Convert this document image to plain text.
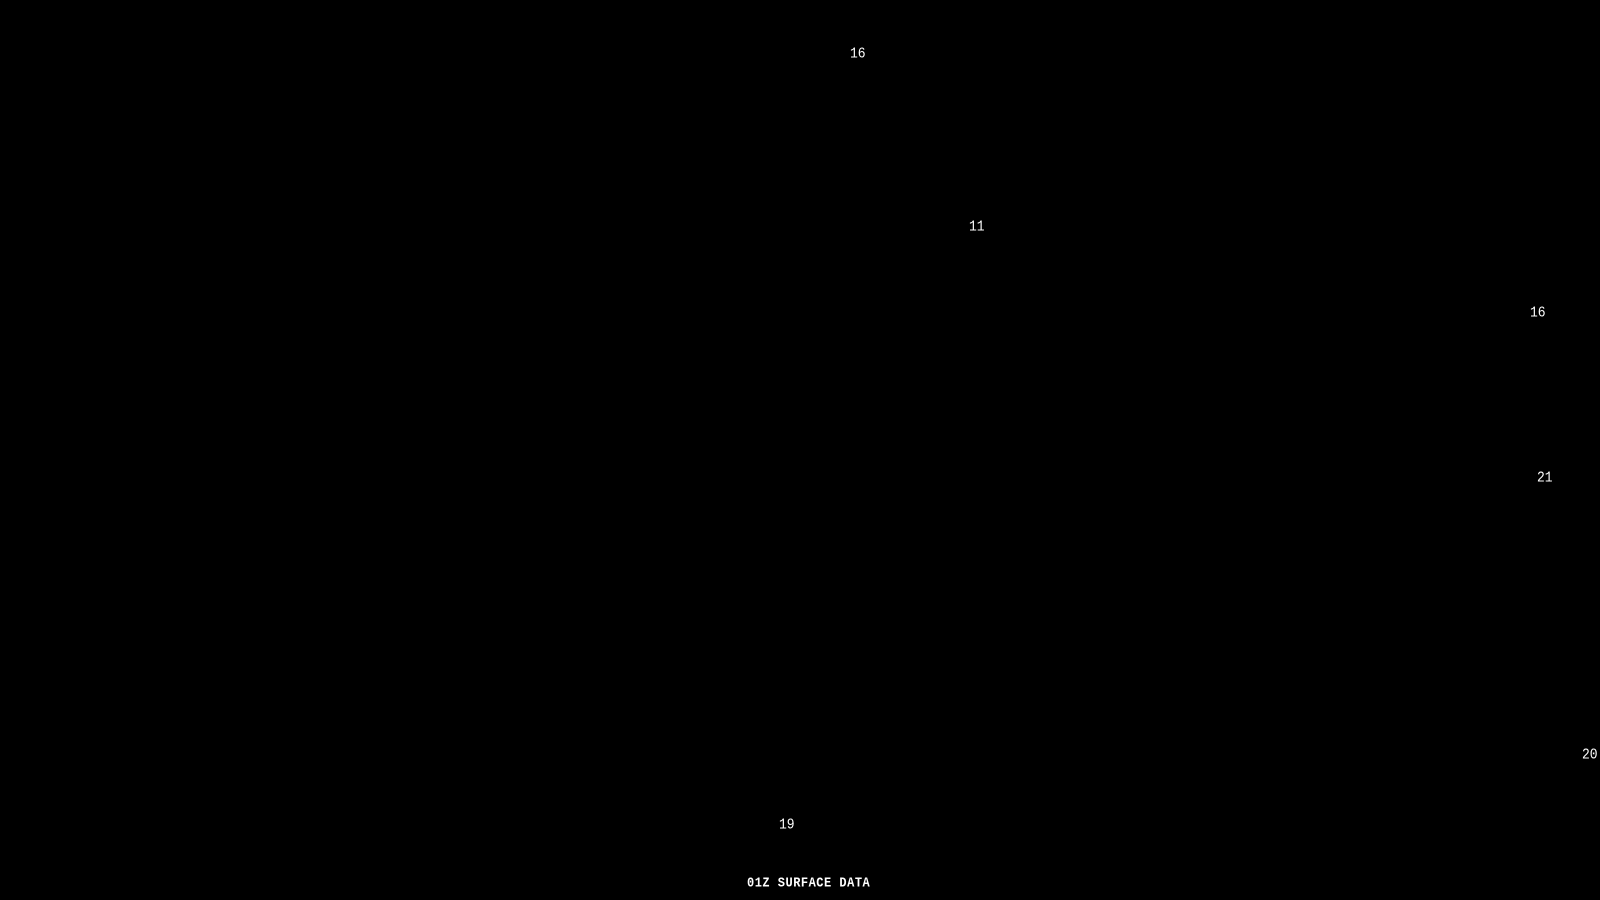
16
11
16
21
20
19
01Z SURFACE DATA
